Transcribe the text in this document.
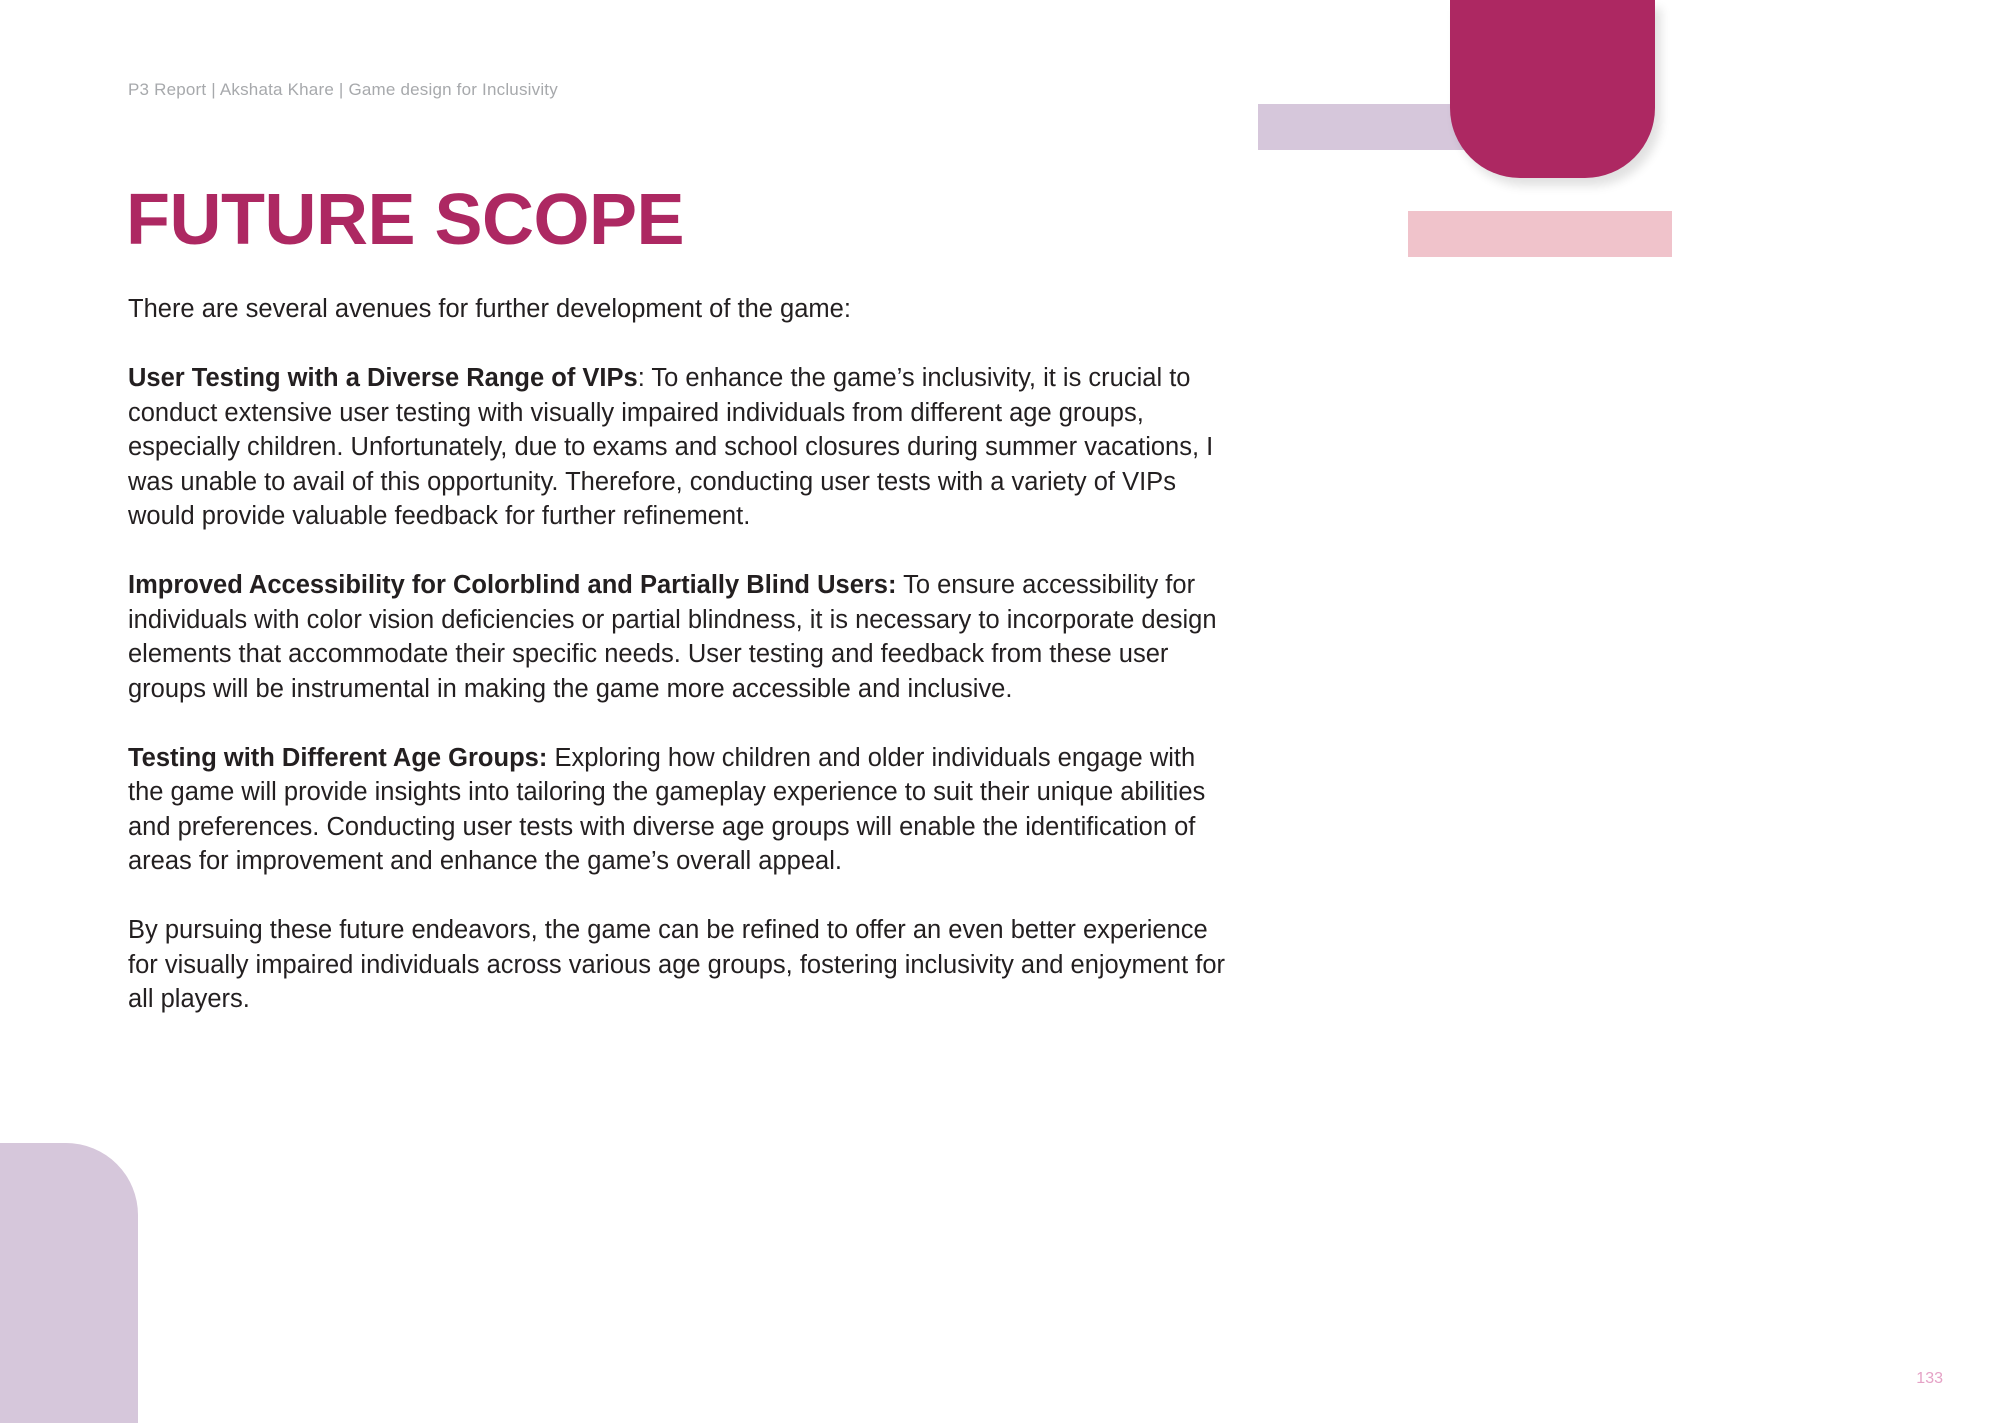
P3 Report | Akshata Khare | Game design for Inclusivity
FUTURE SCOPE

There are several avenues for further development of the game:

User Testing with a Diverse Range of VIPs: To enhance the game’s inclusivity, it is crucial to conduct extensive user testing with visually impaired individuals from different age groups, especially children. Unfortunately, due to exams and school closures during summer vacations, I was unable to avail of this opportunity. Therefore, conducting user tests with a variety of VIPs would provide valuable feedback for further refinement.

Improved Accessibility for Colorblind and Partially Blind Users: To ensure accessibility for individuals with color vision deficiencies or partial blindness, it is necessary to incorporate design elements that accommodate their specific needs. User testing and feedback from these user groups will be instrumental in making the game more accessible and inclusive.

Testing with Different Age Groups: Exploring how children and older individuals engage with the game will provide insights into tailoring the gameplay experience to suit their unique abilities and preferences. Conducting user tests with diverse age groups will enable the identification of areas for improvement and enhance the game’s overall appeal.

By pursuing these future endeavors, the game can be refined to offer an even better experience for visually impaired individuals across various age groups, fostering inclusivity and enjoyment for all players.

133
